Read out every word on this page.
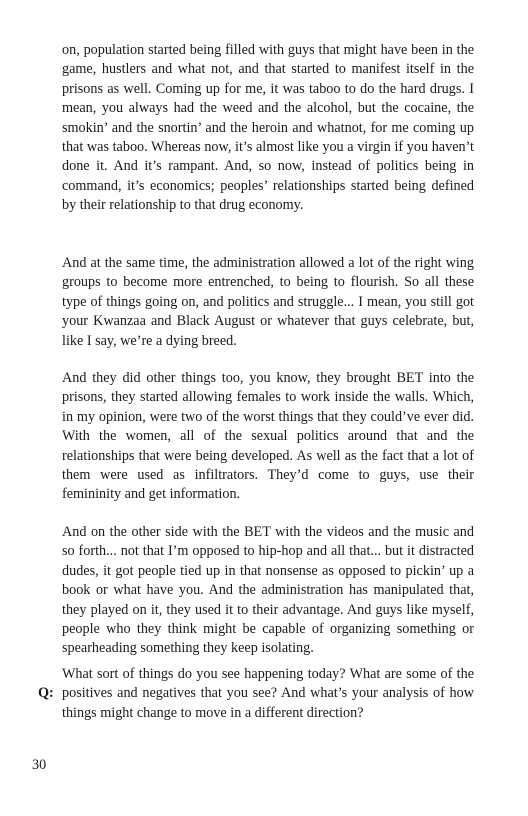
on, population started being filled with guys that might have been in the game, hustlers and what not, and that started to manifest itself in the prisons as well. Coming up for me, it was taboo to do the hard drugs. I mean, you always had the weed and the alcohol, but the cocaine, the smokin’ and the snortin’ and the heroin and whatnot, for me coming up that was taboo. Whereas now, it’s almost like you a virgin if you haven’t done it. And it’s rampant. And, so now, instead of politics being in command, it’s economics; peoples’ relationships started being defined by their relationship to that drug economy.

And at the same time, the administration allowed a lot of the right wing groups to become more entrenched, to being to flourish. So all these type of things going on, and politics and struggle... I mean, you still got your Kwanzaa and Black August or whatever that guys celebrate, but, like I say, we’re a dying breed.

And they did other things too, you know, they brought BET into the prisons, they started allowing females to work inside the walls. Which, in my opinion, were two of the worst things that they could’ve ever did. With the women, all of the sexual politics around that and the relationships that were being developed. As well as the fact that a lot of them were used as infiltrators. They’d come to guys, use their femininity and get information.

And on the other side with the BET with the videos and the music and so forth... not that I’m opposed to hip-hop and all that... but it distracted dudes, it got people tied up in that nonsense as opposed to pickin’ up a book or what have you. And the administration has manipulated that, they played on it, they used it to their advantage. And guys like myself, people who they think might be capable of organizing something or spearheading something they keep isolating.

Q:

What sort of things do you see happening today? What are some of the positives and negatives that you see? And what’s your analysis of how things might change to move in a different direction?

30
